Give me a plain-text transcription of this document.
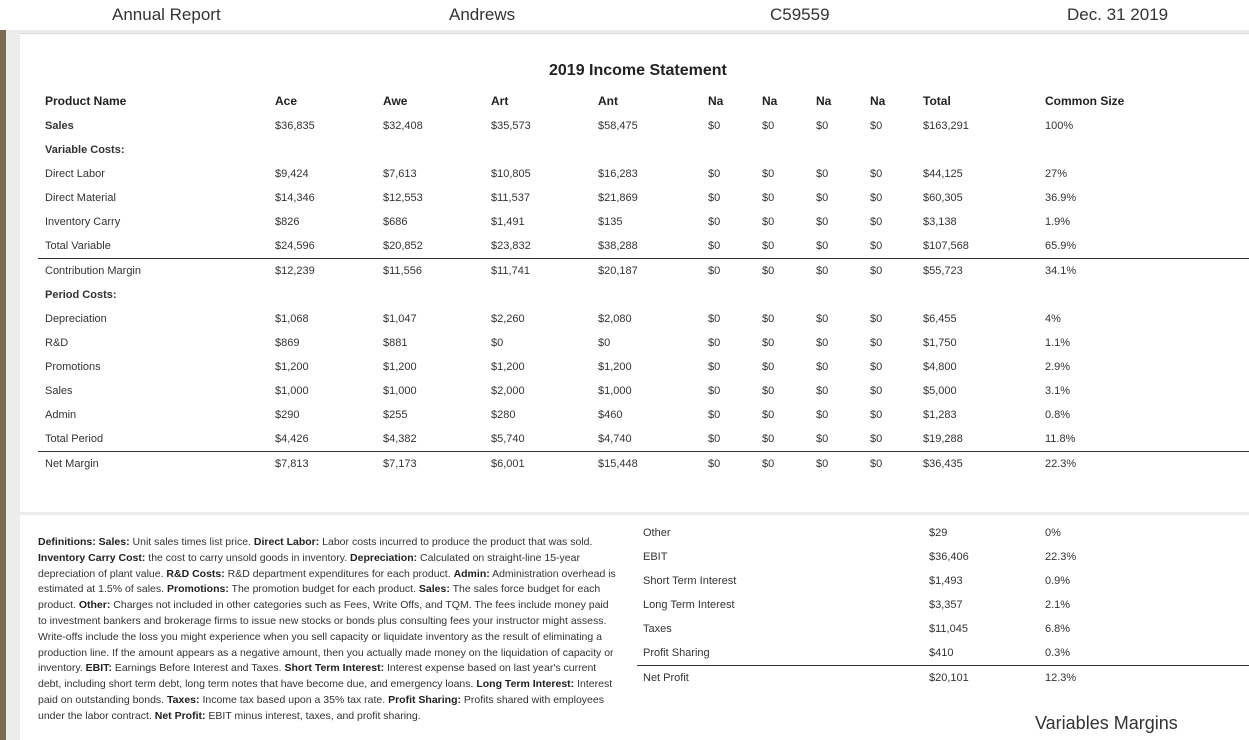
Annual Report	Andrews	C59559	Dec. 31 2019
2019 Income Statement
Product Name	Ace	Awe	Art	Ant	Na	Na	Na	Na	Total	Common Size
Sales	$36,835	$32,408	$35,573	$58,475	$0	$0	$0	$0	$163,291	100%
Variable Costs:
Direct Labor	$9,424	$7,613	$10,805	$16,283	$0	$0	$0	$0	$44,125	27%
Direct Material	$14,346	$12,553	$11,537	$21,869	$0	$0	$0	$0	$60,305	36.9%
Inventory Carry	$826	$686	$1,491	$135	$0	$0	$0	$0	$3,138	1.9%
Total Variable	$24,596	$20,852	$23,832	$38,288	$0	$0	$0	$0	$107,568	65.9%
Contribution Margin	$12,239	$11,556	$11,741	$20,187	$0	$0	$0	$0	$55,723	34.1%
Period Costs:
Depreciation	$1,068	$1,047	$2,260	$2,080	$0	$0	$0	$0	$6,455	4%
R&D	$869	$881	$0	$0	$0	$0	$0	$0	$1,750	1.1%
Promotions	$1,200	$1,200	$1,200	$1,200	$0	$0	$0	$0	$4,800	2.9%
Sales	$1,000	$1,000	$2,000	$1,000	$0	$0	$0	$0	$5,000	3.1%
Admin	$290	$255	$280	$460	$0	$0	$0	$0	$1,283	0.8%
Total Period	$4,426	$4,382	$5,740	$4,740	$0	$0	$0	$0	$19,288	11.8%
Net Margin	$7,813	$7,173	$6,001	$15,448	$0	$0	$0	$0	$36,435	22.3%
Other	$29	0%
EBIT	$36,406	22.3%
Short Term Interest	$1,493	0.9%
Long Term Interest	$3,357	2.1%
Taxes	$11,045	6.8%
Profit Sharing	$410	0.3%
Net Profit	$20,101	12.3%
Definitions: Sales: Unit sales times list price. Direct Labor: Labor costs incurred to produce the product that was sold. Inventory Carry Cost: the cost to carry unsold goods in inventory. Depreciation: Calculated on straight-line 15-year depreciation of plant value. R&D Costs: R&D department expenditures for each product. Admin: Administration overhead is estimated at 1.5% of sales. Promotions: The promotion budget for each product. Sales: The sales force budget for each product. Other: Charges not included in other categories such as Fees, Write Offs, and TQM. The fees include money paid to investment bankers and brokerage firms to issue new stocks or bonds plus consulting fees your instructor might assess. Write-offs include the loss you might experience when you sell capacity or liquidate inventory as the result of eliminating a production line. If the amount appears as a negative amount, then you actually made money on the liquidation of capacity or inventory. EBIT: Earnings Before Interest and Taxes. Short Term Interest: Interest expense based on last year's current debt, including short term debt, long term notes that have become due, and emergency loans. Long Term Interest: Interest paid on outstanding bonds. Taxes: Income tax based upon a 35% tax rate. Profit Sharing: Profits shared with employees under the labor contract. Net Profit: EBIT minus interest, taxes, and profit sharing.	Variables Margins
